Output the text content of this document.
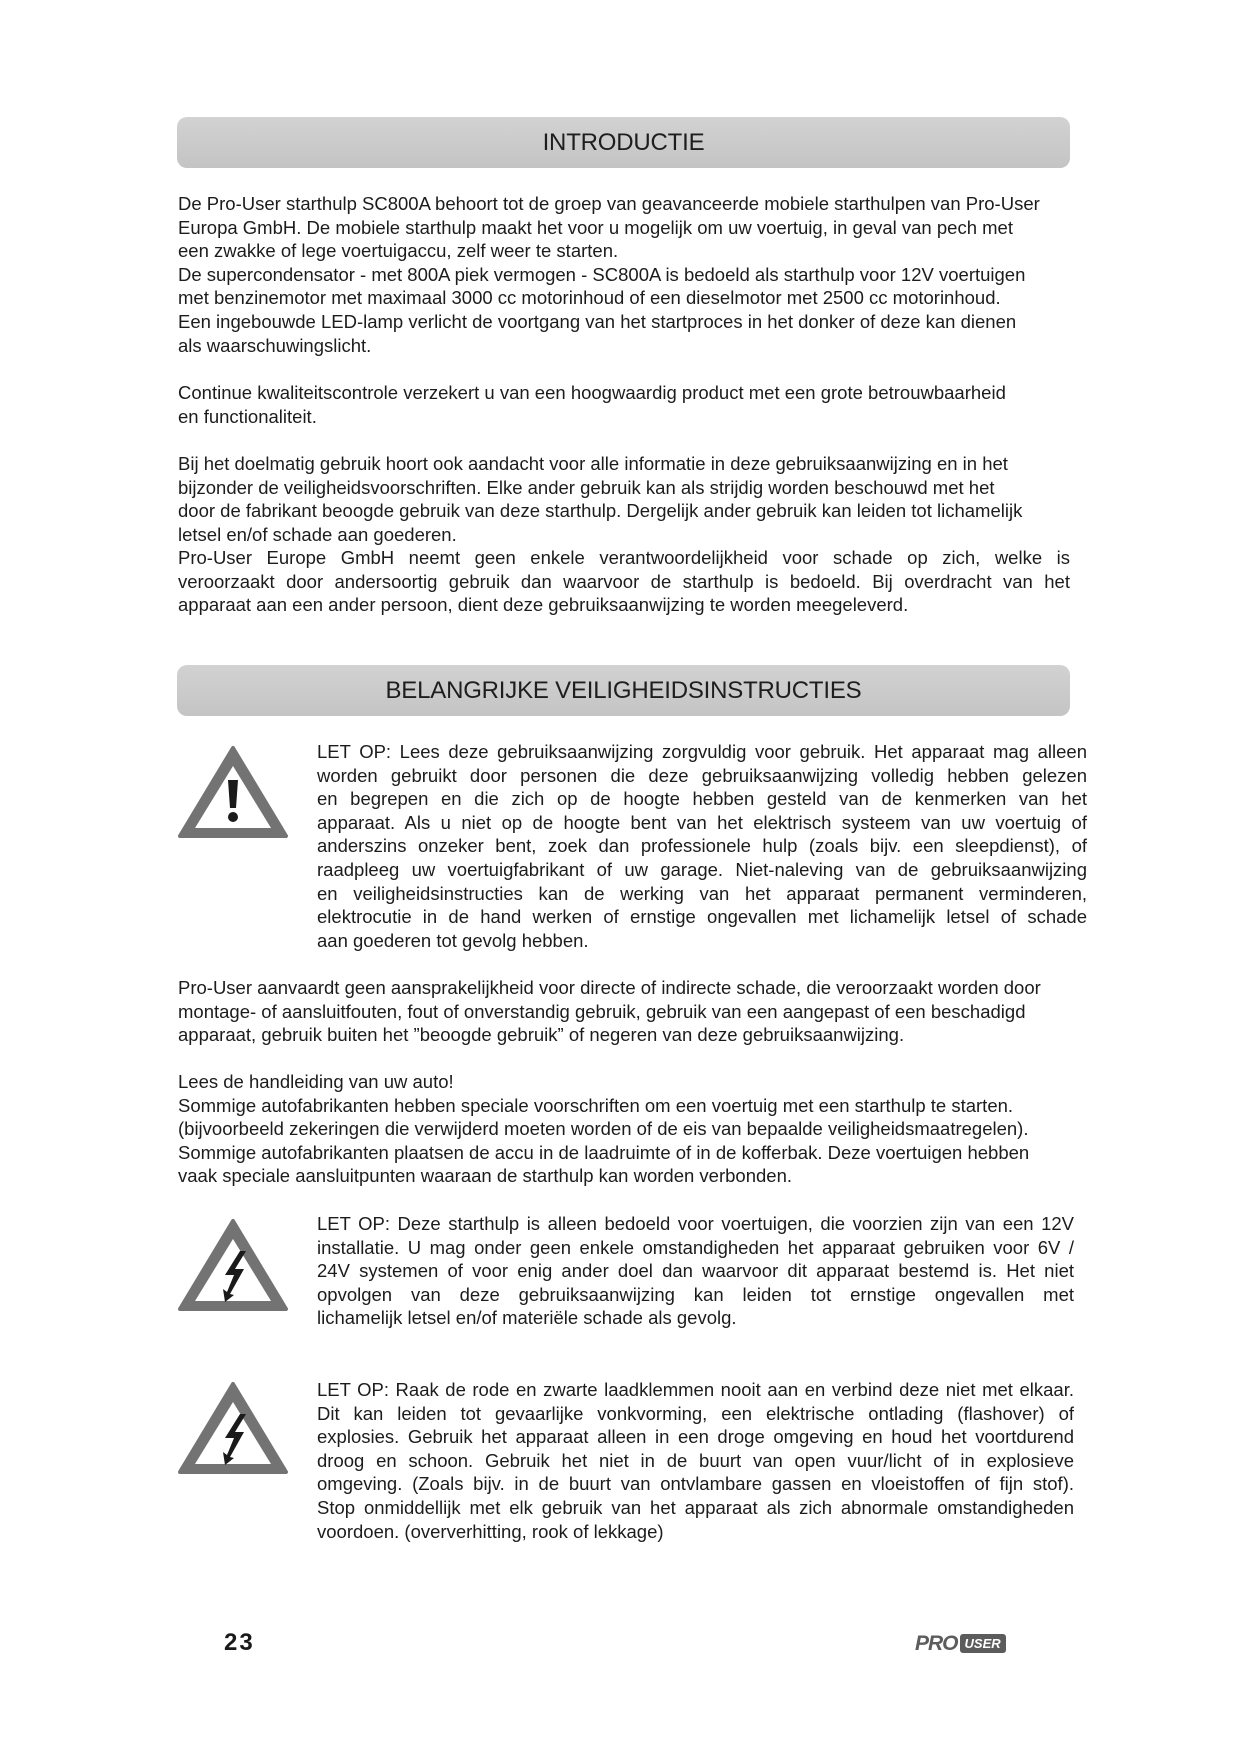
INTRODUCTIE
De Pro-User starthulp SC800A behoort tot de groep van geavanceerde mobiele starthulpen van Pro-User
Europa GmbH. De mobiele starthulp maakt het voor u mogelijk om uw voertuig, in geval van pech met
een zwakke of lege voertuigaccu, zelf weer te starten.
De supercondensator - met 800A piek vermogen - SC800A is bedoeld als starthulp voor 12V voertuigen
met benzinemotor met maximaal 3000 cc motorinhoud of een dieselmotor met 2500 cc motorinhoud.
Een ingebouwde LED-lamp verlicht de voortgang van het startproces in het donker of deze kan dienen
als waarschuwingslicht.
Continue kwaliteitscontrole verzekert u van een hoogwaardig product met een grote betrouwbaarheid
en functionaliteit.
Bij het doelmatig gebruik hoort ook aandacht voor alle informatie in deze gebruiksaanwijzing en in het
bijzonder de veiligheidsvoorschriften. Elke ander gebruik kan als strijdig worden beschouwd met het
door de fabrikant beoogde gebruik van deze starthulp. Dergelijk ander gebruik kan leiden tot lichamelijk
letsel en/of schade aan goederen.
Pro-User Europe GmbH neemt geen enkele verantwoordelijkheid voor schade op zich, welke is
veroorzaakt door andersoortig gebruik dan waarvoor de starthulp is bedoeld. Bij overdracht van het
apparaat aan een ander persoon, dient deze gebruiksaanwijzing te worden meegeleverd.
BELANGRIJKE VEILIGHEIDSINSTRUCTIES
LET OP: Lees deze gebruiksaanwijzing zorgvuldig voor gebruik. Het apparaat mag alleen
worden gebruikt door personen die deze gebruiksaanwijzing volledig hebben gelezen
en begrepen en die zich op de hoogte hebben gesteld van de kenmerken van het
apparaat. Als u niet op de hoogte bent van het elektrisch systeem van uw voertuig of
anderszins onzeker bent, zoek dan professionele hulp (zoals bijv. een sleepdienst), of
raadpleeg uw voertuigfabrikant of uw garage. Niet-naleving van de gebruiksaanwijzing
en veiligheidsinstructies kan de werking van het apparaat permanent verminderen,
elektrocutie in de hand werken of ernstige ongevallen met lichamelijk letsel of schade
aan goederen tot gevolg hebben.
Pro-User aanvaardt geen aansprakelijkheid voor directe of indirecte schade, die veroorzaakt worden door
montage- of aansluitfouten, fout of onverstandig gebruik, gebruik van een aangepast of een beschadigd
apparaat, gebruik buiten het ”beoogde gebruik” of negeren van deze gebruiksaanwijzing.
Lees de handleiding van uw auto!
Sommige autofabrikanten hebben speciale voorschriften om een voertuig met een starthulp te starten.
(bijvoorbeeld zekeringen die verwijderd moeten worden of de eis van bepaalde veiligheidsmaatregelen).
Sommige autofabrikanten plaatsen de accu in de laadruimte of in de kofferbak. Deze voertuigen hebben
vaak speciale aansluitpunten waaraan de starthulp kan worden verbonden.
LET OP: Deze starthulp is alleen bedoeld voor voertuigen, die voorzien zijn van een 12V
installatie. U mag onder geen enkele omstandigheden het apparaat gebruiken voor 6V /
24V systemen of voor enig ander doel dan waarvoor dit apparaat bestemd is. Het niet
opvolgen van deze gebruiksaanwijzing kan leiden tot ernstige ongevallen met
lichamelijk letsel en/of materiële schade als gevolg.
LET OP: Raak de rode en zwarte laadklemmen nooit aan en verbind deze niet met elkaar.
Dit kan leiden tot gevaarlijke vonkvorming, een elektrische ontlading (flashover) of
explosies. Gebruik het apparaat alleen in een droge omgeving en houd het voortdurend
droog en schoon. Gebruik het niet in de buurt van open vuur/licht of in explosieve
omgeving. (Zoals bijv. in de buurt van ontvlambare gassen en vloeistoffen of fijn stof).
Stop onmiddellijk met elk gebruik van het apparaat als zich abnormale omstandigheden
voordoen. (oververhitting, rook of lekkage)
23	PRO USER
